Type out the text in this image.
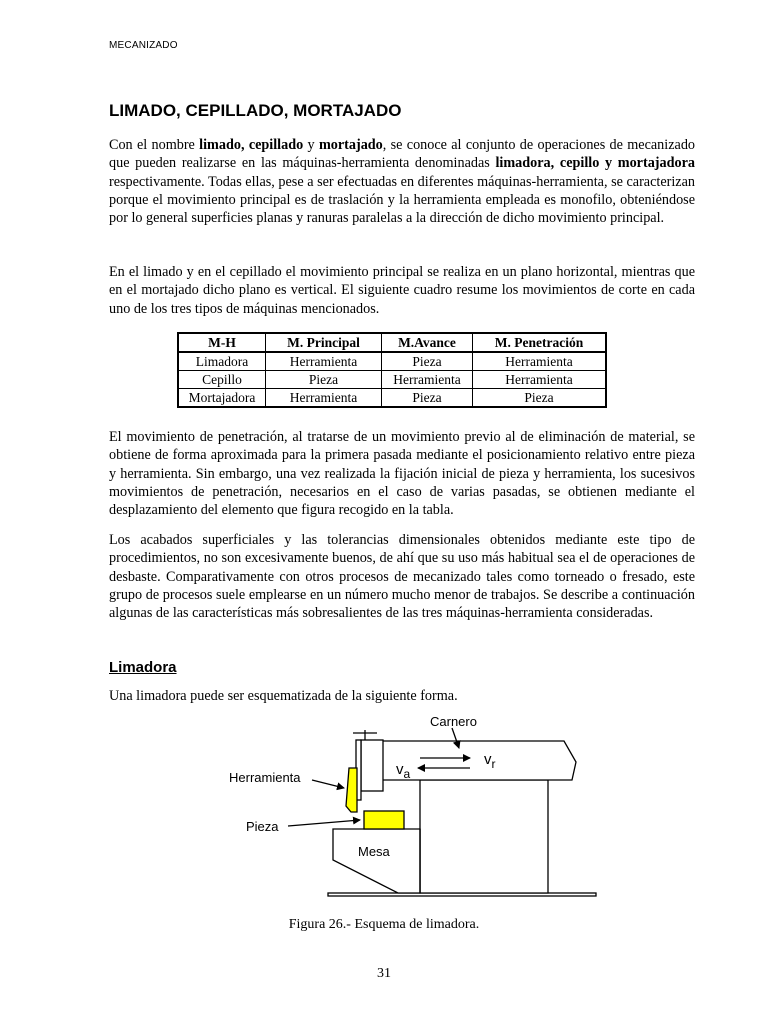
MECANIZADO
LIMADO, CEPILLADO, MORTAJADO

Con el nombre limado, cepillado y mortajado, se conoce al conjunto de operaciones de mecanizado que pueden realizarse en las máquinas-herramienta denominadas limadora, cepillo y mortajadora respectivamente. Todas ellas, pese a ser efectuadas en diferentes máquinas-herramienta, se caracterizan porque el movimiento principal es de traslación y la herramienta empleada es monofilo, obteniéndose por lo general superficies planas y ranuras paralelas a la dirección de dicho movimiento principal.

En el limado y en el cepillado el movimiento principal se realiza en un plano horizontal, mientras que en el mortajado dicho plano es vertical. El siguiente cuadro resume los movimientos de corte en cada uno de los tres tipos de máquinas mencionados.

M-H	M. Principal	M.Avance	M. Penetración
Limadora	Herramienta	Pieza	Herramienta
Cepillo	Pieza	Herramienta	Herramienta
Mortajadora	Herramienta	Pieza	Pieza

El movimiento de penetración, al tratarse de un movimiento previo al de eliminación de material, se obtiene de forma aproximada para la primera pasada mediante el posicionamiento relativo entre pieza y herramienta. Sin embargo, una vez realizada la fijación inicial de pieza y herramienta, los sucesivos movimientos de penetración, necesarios en el caso de varias pasadas, se obtienen mediante el desplazamiento del elemento que figura recogido en la tabla.

Los acabados superficiales y las tolerancias dimensionales obtenidos mediante este tipo de procedimientos, no son excesivamente buenos, de ahí que su uso más habitual sea el de operaciones de desbaste. Comparativamente con otros procesos de mecanizado tales como torneado o fresado, este grupo de procesos suele emplearse en un número mucho menor de trabajos. Se describe a continuación algunas de las características más sobresalientes de las tres máquinas-herramienta consideradas.

Limadora

Una limadora puede ser esquematizada de la siguiente forma.

Carnero
Herramienta
Pieza
Mesa
$v_a$
$v_r$
Figura 26.- Esquema de limadora.
31
